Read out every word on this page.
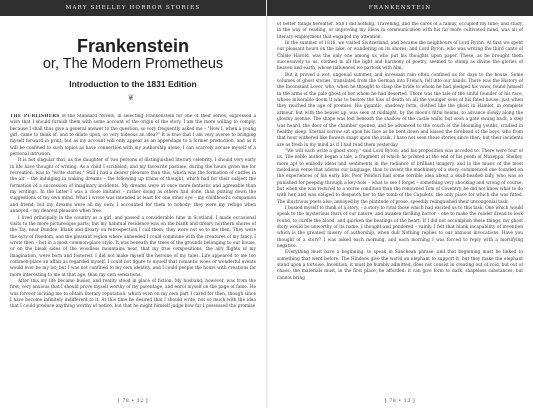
MARY SHELLEY HORROR STORIES
Frankenstein
or, The Modern Prometheus
Introduction to the 1831 Edition
❦

THE PUBLISHERS of the Standard Novels, in selecting Frankenstein for one of their series, expressed a wish that I should furnish them with some account of the origin of the story. I am the more willing to comply, because I shall thus give a general answer to the question, so very frequently asked me – "How I, when a young girl, came to think of, and to dilate upon, so very hideous an idea?" It is true that I am very averse to bringing myself forward in print; but as my account will only appear as an appendage to a former production, and as it will be confined to such topics as have connection with my authorship alone, I can scarcely accuse myself of a personal intrusion.

It is not singular that, as the daughter of two persons of distinguished literary celebrity, I should very early in life have thought of writing. As a child I scribbled; and my favourite pastime, during the hours given me for recreation, was to "write stories." Still I had a dearer pleasure than this, which was the formation of castles in the air – the indulging in waking dreams – the following up trains of thought, which had for their subject the formation of a succession of imaginary incidents. My dreams were at once more fantastic and agreeable than my writings. In the latter I was a close imitator – rather doing as others had done, than putting down the suggestions of my own mind. What I wrote was intended at least for one other eye – my childhood's companion and friend; but my dreams were all my own; I accounted for them to nobody; they were my refuge when annoyed – my dearest pleasure when free.

I lived principally in the country as a girl, and passed a considerable time in Scotland. I made occasional visits to the more picturesque parts; but my habitual residence was on the blank and dreary northern shores of the Tay, near Dundee. Blank and dreary on retrospection I call them; they were not so to me then. They were the eyry of freedom, and the pleasant region where unheeded I could commune with the creatures of my fancy. I wrote then – but in a most common-place style. It was beneath the trees of the grounds belonging to our house, or on the bleak sides of the woodless mountains near, that my true compositions, the airy flights of my imagination, were born and fostered. I did not make myself the heroine of my tales. Life appeared to me too common-place an affair as regarded myself. I could not figure to myself that romantic woes or wonderful events would ever be my lot; but I was not confined to my own identity, and I could people the hours with creations far more interesting to me at that age, than my own sensations.

After this my life became busier, and reality stood in place of fiction. My husband, however, was from the first, very anxious that I should prove myself worthy of my parentage, and enrol myself on the page of fame. He was forever inciting me to obtain literary reputation, which even on my own part I cared for then, though since I have become infinitely indifferent to it. At this time he desired that I should write, not so much with the idea that I could produce anything worthy of notice, but that he might himself judge how far I possessed the promise

[ 78 • 12 ]
FRANKENSTEIN

of better things hereafter. Still I did nothing. Travelling, and the cares of a family, occupied my time; and study, in the way of reading, or improving my ideas in communication with his far more cultivated mind, was all of literary employment that engaged my attention.

In the summer of 1816, we visited Switzerland, and became the neighbours of Lord Byron. At first we spent our pleasant hours on the lake, or wandering on its shores; and Lord Byron, who was writing the third canto of Childe Harold, was the only one among us who put his thoughts upon paper. These, as he brought them successively to us, clothed in all the light and harmony of poetry, seemed to stamp as divine the glories of heaven and earth, whose influences we partook with him.

But it proved a wet, ungenial summer, and incessant rain often confined us for days to the house. Some volumes of ghost stories, translated from the German into French, fell into our hands. There was the History of the Inconstant Lover, who, when he thought to clasp the bride to whom he had pledged his vows, found himself in the arms of the pale ghost of her whom he had deserted. There was the tale of the sinful founder of his race, whose miserable doom it was to bestow the kiss of death on all the younger sons of his fated house, just when they reached the age of promise. His gigantic, shadowy form, clothed like the ghost in Hamlet, in complete armour, but with the beaver up, was seen at midnight, by the moon's fitful beams, to advance slowly along the gloomy avenue. The shape was lost beneath the shadow of the castle walls; but soon a gate swung back, a step was heard, the door of the chamber opened, and he advanced to the couch of the blooming youths, cradled in healthy sleep. Eternal sorrow sat upon his face as he bent down and kissed the forehead of the boys, who from that hour withered like flowers snapt upon the stalk. I have not seen these stories since then; but their incidents are as fresh in my mind as if I had read them yesterday.

"We will each write a ghost story," said Lord Byron; and his proposition was acceded to. There were four of us. The noble author began a tale, a fragment of which he printed at the end of his poem of Mazeppa. Shelley, more apt to embody ideas and sentiments in the radiance of brilliant imagery, and in the music of the most melodious verse that adorns our language, than to invent the machinery of a story, commenced one founded on the experiences of his early life. Poor Polidori had some terrible idea about a skull-headed lady, who was so punished for peeping through a key-hole – what to see I forget – something very shocking and wrong of course; but when she was reduced to a worse condition than the renowned Tom of Coventry, he did not know what to do with her, and was obliged to despatch her to the tomb of the Capulets, the only place for which she was fitted. The illustrious poets also, annoyed by the platitude of prose, speedily relinquished their uncongenial task.

I busied myself to think of a story, – a story to rival those which had excited us to this task. One which would speak to the mysterious fears of our nature, and awaken thrilling horror – one to make the reader dread to look round, to curdle the blood, and quicken the beatings of the heart. If I did not accomplish these things, my ghost story would be unworthy of its name. I thought and pondered – vainly. I felt that blank incapability of invention which is the greatest misery of authorship, when dull Nothing replies to our anxious invocations. Have you thought of a story? I was asked each morning, and each morning I was forced to reply with a mortifying negative.

Everything must have a beginning, to speak in Sanchean phrase; and that beginning must be linked to something that went before. The Hindoos give the world an elephant to support it, but they make the elephant stand upon a tortoise. Invention, it must be humbly admitted, does not consist in creating out of void, but out of chaos; the materials must, in the first place, be afforded: it can give form to dark, shapeless substances, but cannot bring

[ 78 • 13 ]
